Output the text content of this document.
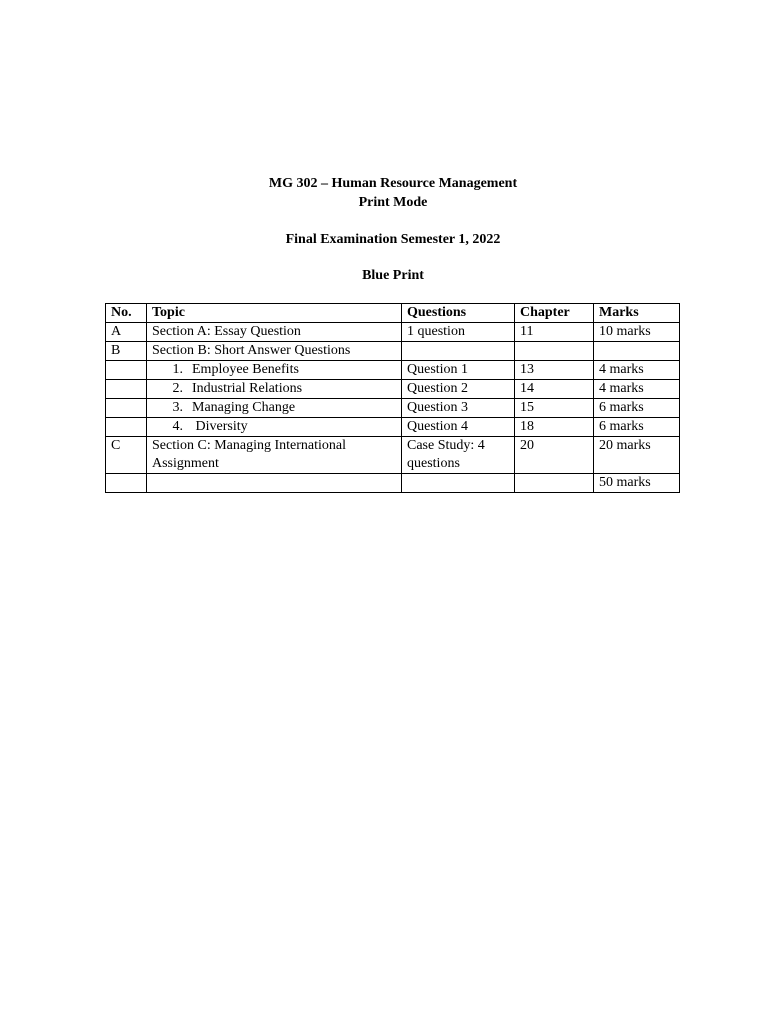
MG 302 – Human Resource Management
Print Mode
Final Examination Semester 1, 2022
Blue Print
No.	Topic	Questions	Chapter	Marks
A	Section A: Essay Question	1 question	11	10 marks
B	Section B: Short Answer Questions			
	1. Employee Benefits	Question 1	13	4 marks
	2. Industrial Relations	Question 2	14	4 marks
	3. Managing Change	Question 3	15	6 marks
	4. Diversity	Question 4	18	6 marks
C	Section C: Managing International Assignment	Case Study: 4 questions	20	20 marks
				50 marks
